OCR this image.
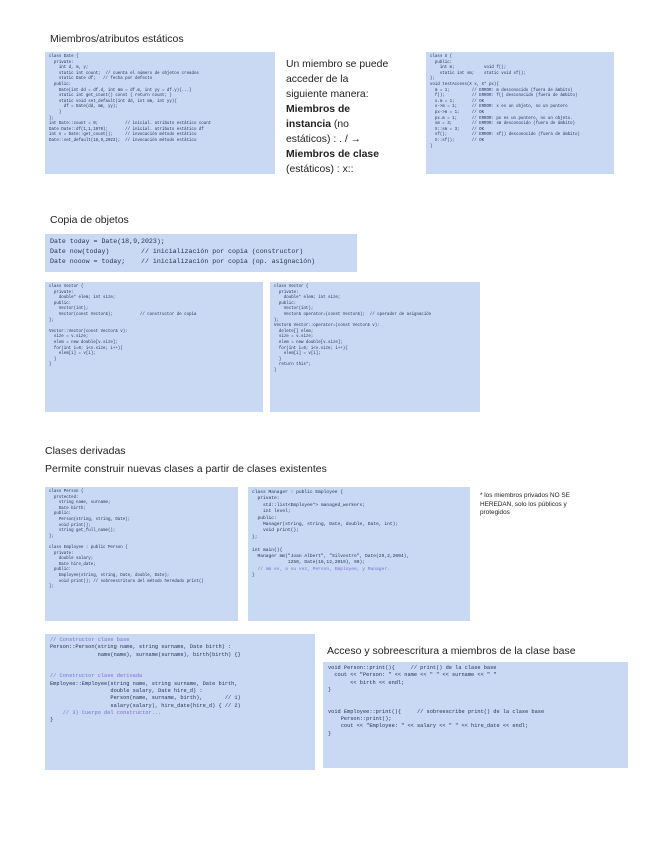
Miembros/atributos estáticos
class Date {
private:
int d, m, y;
static int count;  // cuenta el número de objetos creados
static Date df;   // fecha por defecto
public:
Date(int dd = df.d, int mm = df.m, int yy = df.y){...}
static int get_count() const { return count; }
static void set_default(int dd, int mm, int yy){
df = Date(dd, mm, yy);
}
};
int Date::count = 0;           // inicial. atributo estático count
Date Date::df(1,1,1970);       // inicial. atributo estático df
int n = Date::get_count();     // invocación método estático
Date::set_default(18,9,2023);  // invocación método estático
Un miembro se puede
acceder de la
siguiente manera:
Miembros de
instancia (no
estáticos) : . / →
Miembros de clase
(estáticos) : x::
class X {
public:
int m;            void f();
static int sm;    static void sf();
};
void testAccess(X x, X* px){
m = 1;         // ERROR: m desconocido (fuera de ámbito)
f();           // ERROR: f() desconocido (fuera de ámbito)
x.m = 1;       // OK
x->m = 1;      // ERROR: x es un objeto, no un puntero
px->m = 1;     // OK
px.m = 1;      // ERROR: px es un puntero, no un objeto.
sm = 3;        // ERROR: sm desconocido (fuera de ámbito)
X::sm = 3;     // OK
sf();          // ERROR: sf() desconocido (fuera de ámbito)
X::sf();       // OK
}
Copia de objetos
Date today = Date(18,9,2023);
Date now(today)        // inicialización por copia (constructor)
Date nooow = today;    // inicialización por copia (op. asignación)
class Vector {
private:
double* elem; int size;
public:
Vector(int);
Vector(const Vector&);           // constructor de copia
};

Vector::Vector(const Vector& v):
size = v.size;
elem = new double[v.size];
for(int i=0; i<v.size; i++){
elem[i] = v[i];
}
}
class Vector {
private:
double* elem; int size;
public:
Vector(int);
Vector& operator=(const Vector&);  // operador de asignación
};
Vector& Vector::operator=(const Vector& v):
delete[] elem;
size = v.size;
elem = new double[v.size];
for(int i=0; i<v.size; i++){
elem[i] = v[i];
}
return this*;
}
Clases derivadas
Permite construir nuevas clases a partir de clases existentes
class Person {
protected:
string name, surname;
Date birth;
public:
Person(string, string, Date);
void print();
string get_full_name();
};

class Employee : public Person {
private:
double salary;
Date hire_date;
public:
Employee(string, string, Date, double, Date);
void print(); // sobreescritura del método heredado print()
};
class Manager : public Employee {
private:
std::list<Employee*> managed_workers;
int level;
public:
Manager(string, string, Date, double, Date, int);
void print();
};

int main(){
Manager mm("Joan Albert", "Silvestre", Date(29,2,2004),
1250, Date(16,12,2019), 99);
// mm es, a su vez, Person, Employee, y Manager.
}
* los miembros privados NO SE HEREDAN, solo los públicos y protegidos
// Constructor clase base
Person::Person(string name, string surname, Date birth) :
name(name), surname(surname), birth(birth) {}

// Constructor clase derivada
Employee::Employee(string name, string surname, Date birth,
double salary, Date hire_d) :
Person(name, surname, birth),       // 1)
salary(salary), hire_date(hire_d) { // 2)
// 3) Cuerpo del constructor...
}
Acceso y sobreescritura a miembros de la clase base
void Person::print(){     // print() de la clase base
cout << "Person: " << name << " " << surname << " "
<< birth << endl;
}

void Employee::print(){     // sobreescribe print() de la clase base
Person::print();
cout << "Employee: " << salary << " " << hire_date << endl;
}
